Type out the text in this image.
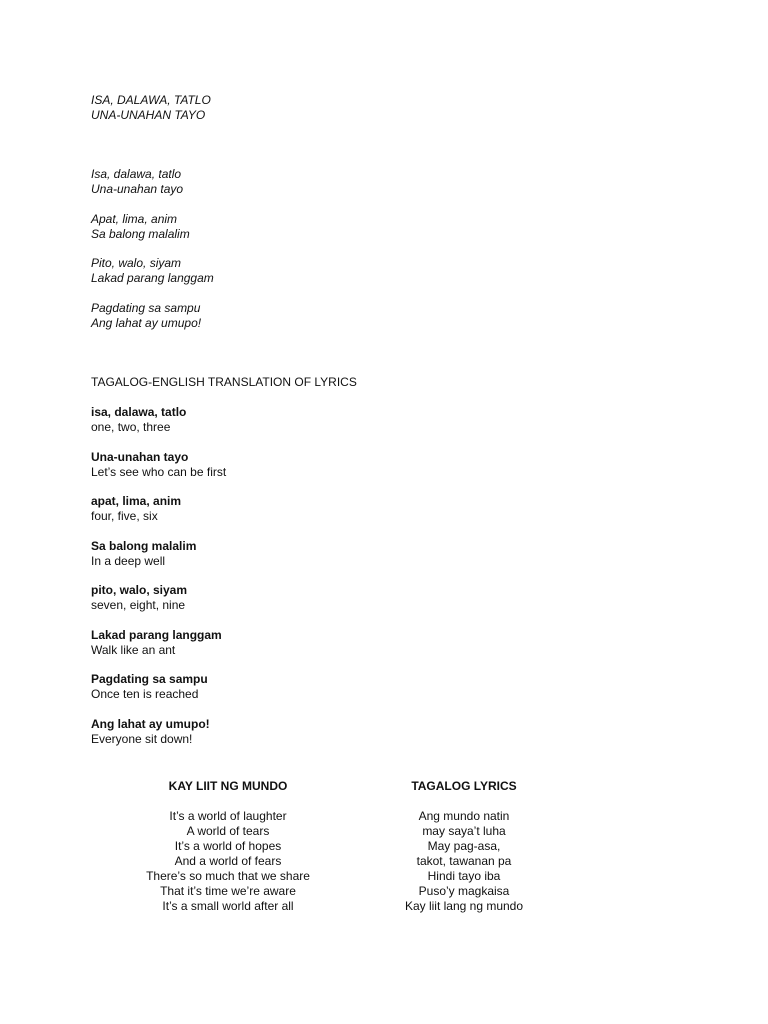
ISA, DALAWA, TATLO
UNA-UNAHAN TAYO
Isa, dalawa, tatlo
Una-unahan tayo
Apat, lima, anim
Sa balong malalim
Pito, walo, siyam
Lakad parang langgam
Pagdating sa sampu
Ang lahat ay umupo!
TAGALOG-ENGLISH TRANSLATION OF LYRICS
isa, dalawa, tatlo
one, two, three
Una-unahan tayo
Let’s see who can be first
apat, lima, anim
four, five, six
Sa balong malalim
In a deep well
pito, walo, siyam
seven, eight, nine
Lakad parang langgam
Walk like an ant
Pagdating sa sampu
Once ten is reached
Ang lahat ay umupo!
Everyone sit down!
KAY LIIT NG MUNDO
It’s a world of laughter
A world of tears
It’s a world of hopes
And a world of fears
There’s so much that we share
That it’s time we’re aware
It’s a small world after all
TAGALOG LYRICS
Ang mundo natin
may saya’t luha
May pag-asa,
takot, tawanan pa
Hindi tayo iba
Puso’y magkaisa
Kay liit lang ng mundo
